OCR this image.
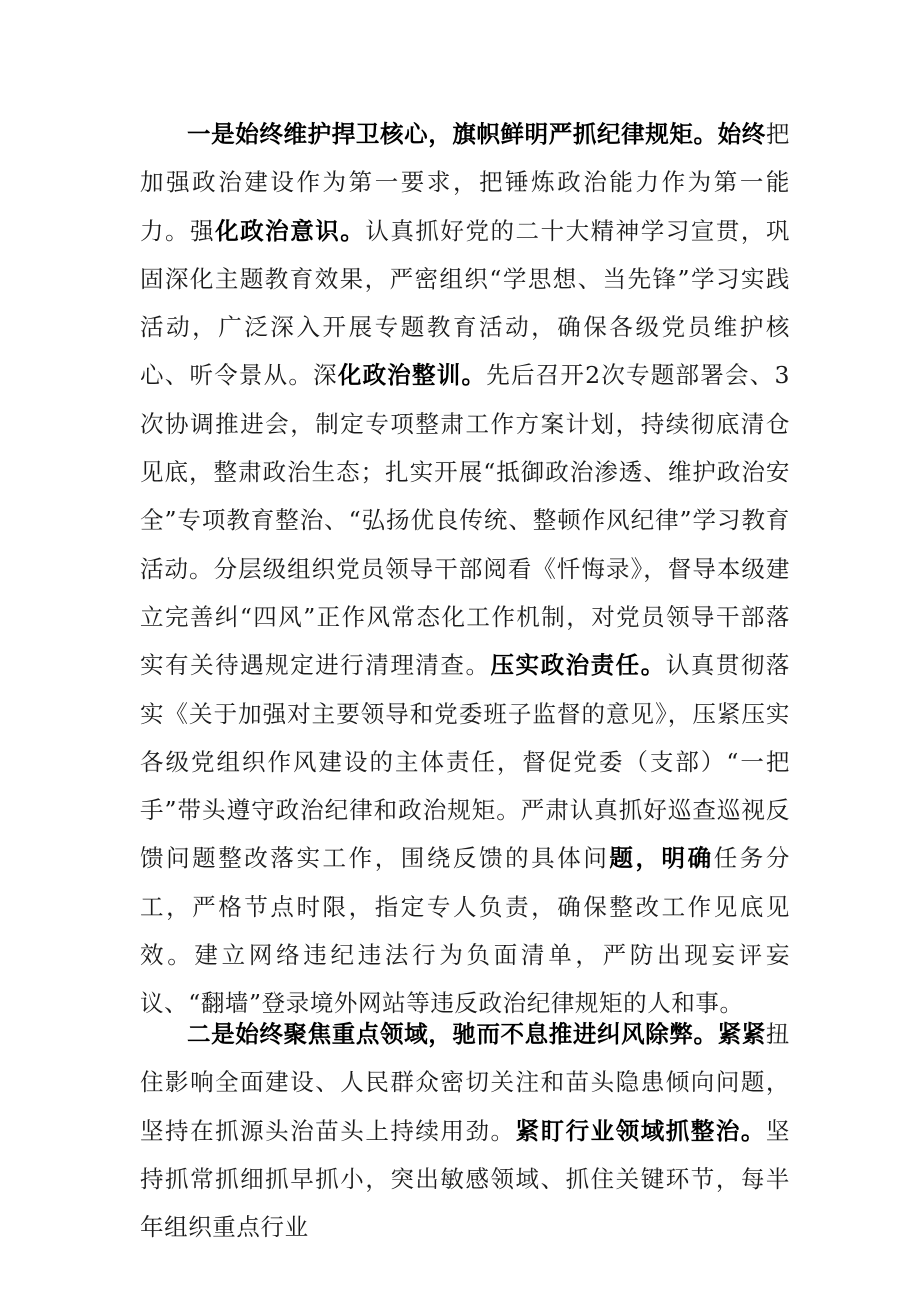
一是始终维护捍卫核心，旗帜鲜明严抓纪律规矩。始终把加强政治建设作为第一要求，把锤炼政治能力作为第一能力。强化政治意识。认真抓好党的二十大精神学习宣贯，巩固深化主题教育效果，严密组织“学思想、当先锋”学习实践活动，广泛深入开展专题教育活动，确保各级党员维护核心、听令景从。深化政治整训。先后召开2次专题部署会、3次协调推进会，制定专项整肃工作方案计划，持续彻底清仓见底，整肃政治生态；扎实开展“抵御政治渗透、维护政治安全”专项教育整治、“弘扬优良传统、整顿作风纪律”学习教育活动。分层级组织党员领导干部阅看《忏悔录》，督导本级建立完善纠“四风”正作风常态化工作机制，对党员领导干部落实有关待遇规定进行清理清查。压实政治责任。认真贯彻落实《关于加强对主要领导和党委班子监督的意见》，压紧压实各级党组织作风建设的主体责任，督促党委（支部）“一把手”带头遵守政治纪律和政治规矩。严肃认真抓好巡查巡视反馈问题整改落实工作，围绕反馈的具体问题，明确任务分工，严格节点时限，指定专人负责，确保整改工作见底见效。建立网络违纪违法行为负面清单，严防出现妄评妄议、“翻墙”登录境外网站等违反政治纪律规矩的人和事。

二是始终聚焦重点领域，驰而不息推进纠风除弊。紧紧扭住影响全面建设、人民群众密切关注和苗头隐患倾向问题，坚持在抓源头治苗头上持续用劲。紧盯行业领域抓整治。坚持抓常抓细抓早抓小，突出敏感领域、抓住关键环节，每半年组织重点行业
